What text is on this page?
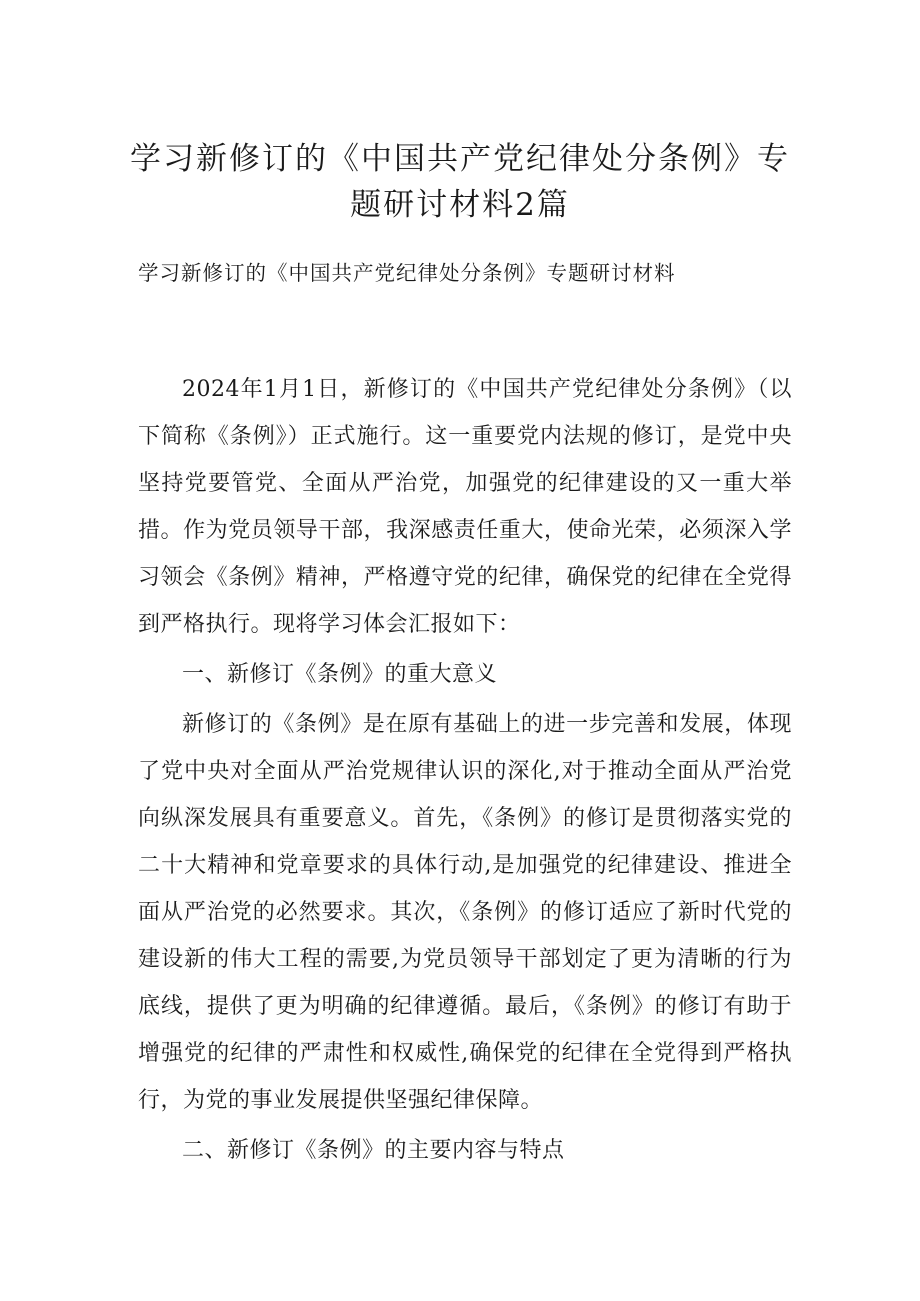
学习新修订的《中国共产党纪律处分条例》专题研讨材料2篇

学习新修订的《中国共产党纪律处分条例》专题研讨材料

2024年1月1日，新修订的《中国共产党纪律处分条例》（以下简称《条例》）正式施行。这一重要党内法规的修订，是党中央坚持党要管党、全面从严治党，加强党的纪律建设的又一重大举措。作为党员领导干部，我深感责任重大，使命光荣，必须深入学习领会《条例》精神，严格遵守党的纪律，确保党的纪律在全党得到严格执行。现将学习体会汇报如下：

一、新修订《条例》的重大意义

新修订的《条例》是在原有基础上的进一步完善和发展，体现了党中央对全面从严治党规律认识的深化,对于推动全面从严治党向纵深发展具有重要意义。首先，《条例》的修订是贯彻落实党的二十大精神和党章要求的具体行动,是加强党的纪律建设、推进全面从严治党的必然要求。其次，《条例》的修订适应了新时代党的建设新的伟大工程的需要,为党员领导干部划定了更为清晰的行为底线，提供了更为明确的纪律遵循。最后，《条例》的修订有助于增强党的纪律的严肃性和权威性,确保党的纪律在全党得到严格执行，为党的事业发展提供坚强纪律保障。

二、新修订《条例》的主要内容与特点
